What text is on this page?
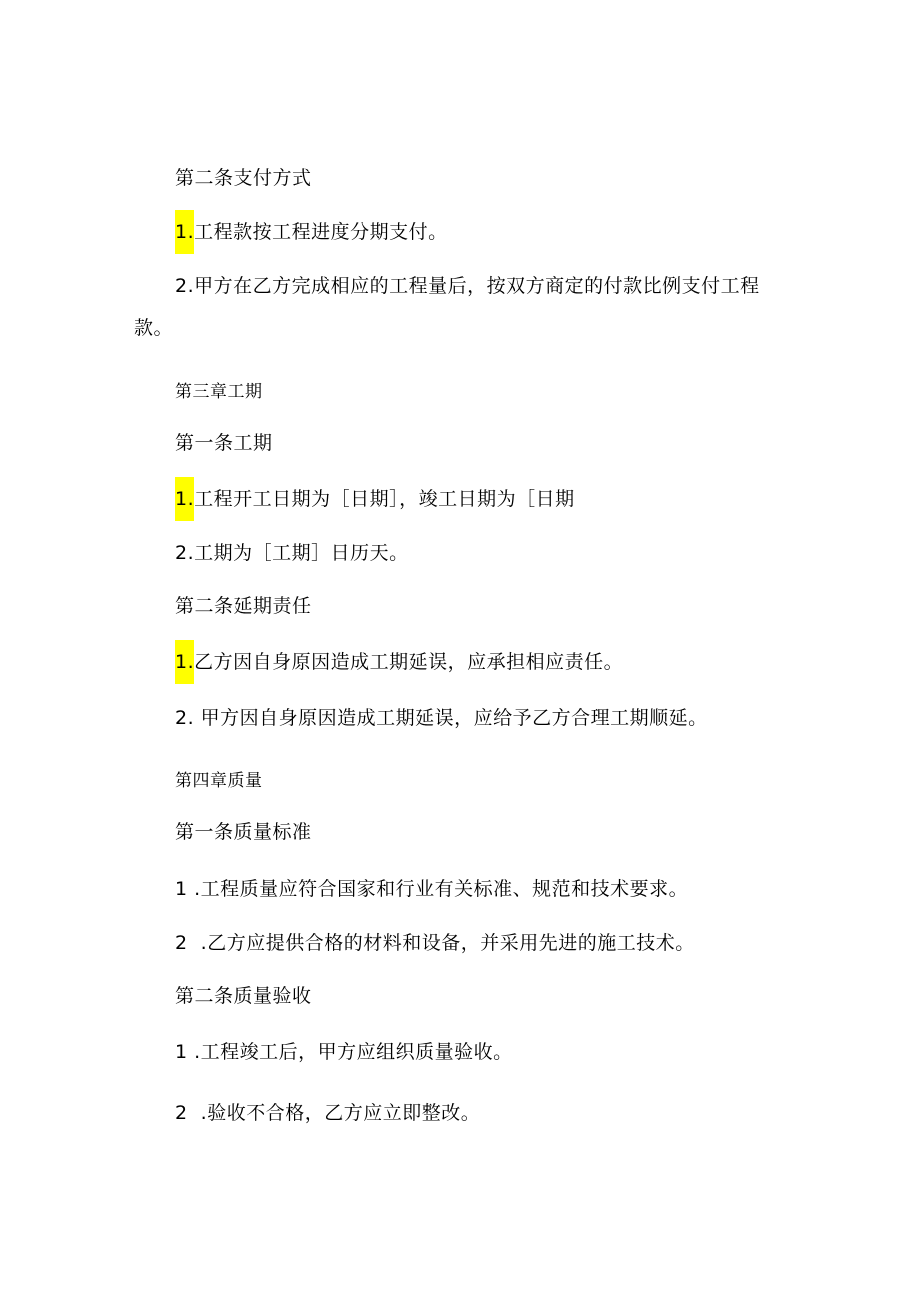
第二条支付方式
1.工程款按工程进度分期支付。
2.甲方在乙方完成相应的工程量后，按双方商定的付款比例支付工程
款。
第三章工期
第一条工期
1.工程开工日期为［日期］，竣工日期为［日期
2.工期为［工期］日历天。
第二条延期责任
1.乙方因自身原因造成工期延误，应承担相应责任。
2. 甲方因自身原因造成工期延误，应给予乙方合理工期顺延。
第四章质量
第一条质量标准
1 .工程质量应符合国家和行业有关标准、规范和技术要求。
2  .乙方应提供合格的材料和设备，并采用先进的施工技术。
第二条质量验收
1 .工程竣工后，甲方应组织质量验收。
2  .验收不合格，乙方应立即整改。
